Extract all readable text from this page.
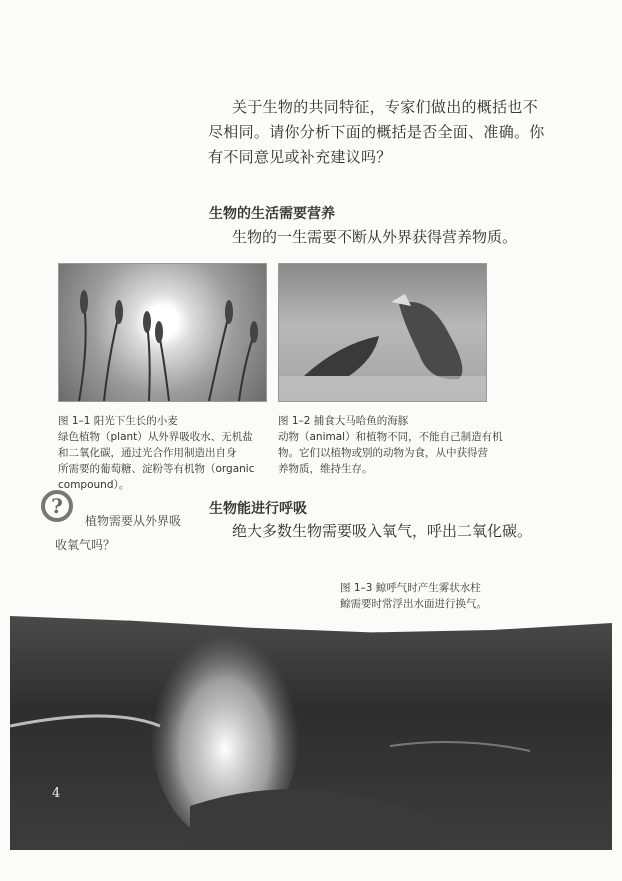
关于生物的共同特征，专家们做出的概括也不
尽相同。请你分析下面的概括是否全面、准确。你
有不同意见或补充建议吗？
生物的生活需要营养
生物的一生需要不断从外界获得营养物质。
图 1–1 阳光下生长的小麦
绿色植物（plant）从外界吸收水、无机盐
和二氧化碳，通过光合作用制造出自身
所需要的葡萄糖、淀粉等有机物（organic
compound）。
图 1–2 捕食大马哈鱼的海豚
动物（animal）和植物不同，不能自己制造有机
物。它们以植物或别的动物为食，从中获得营
养物质，维持生存。
?
植物需要从外界吸
收氧气吗？
生物能进行呼吸
绝大多数生物需要吸入氧气，呼出二氧化碳。
图 1–3 鲸呼气时产生雾状水柱
鲸需要时常浮出水面进行换气。
4
